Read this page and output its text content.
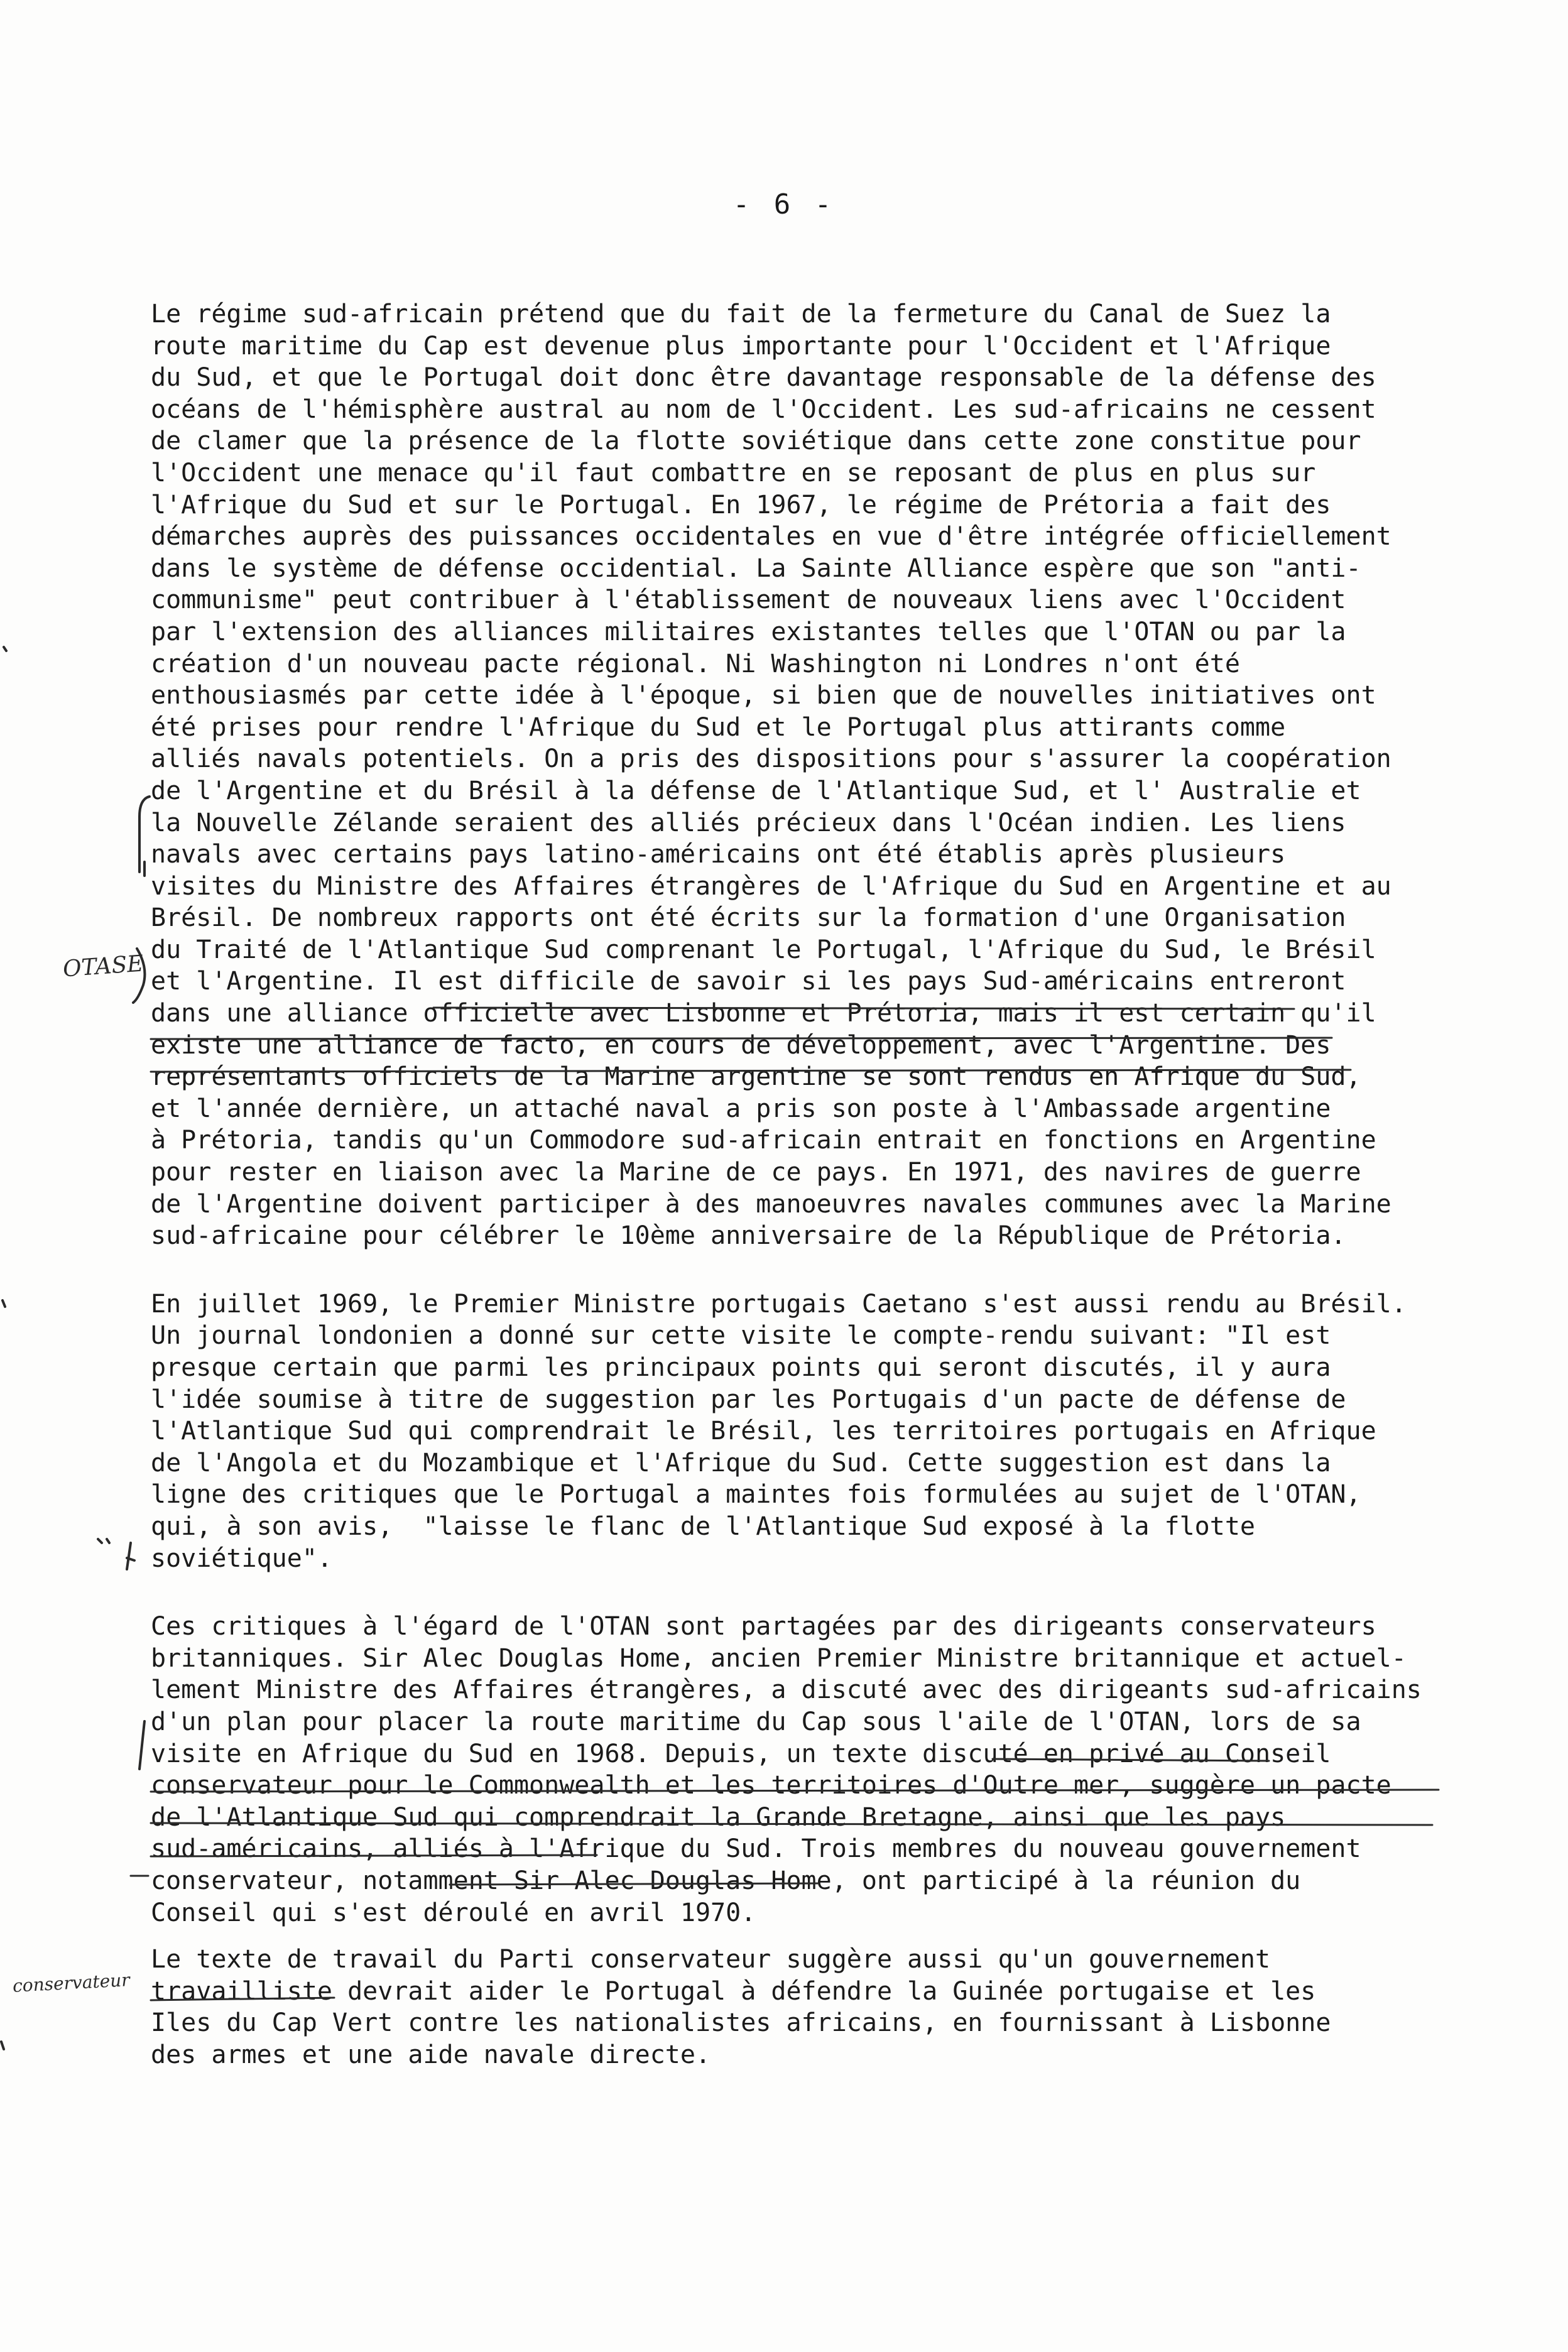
- 6 -
Le régime sud-africain prétend que du fait de la fermeture du Canal de Suez la
route maritime du Cap est devenue plus importante pour l'Occident et l'Afrique
du Sud, et que le Portugal doit donc être davantage responsable de la défense des
océans de l'hémisphère austral au nom de l'Occident. Les sud-africains ne cessent
de clamer que la présence de la flotte soviétique dans cette zone constitue pour
l'Occident une menace qu'il faut combattre en se reposant de plus en plus sur
l'Afrique du Sud et sur le Portugal. En 1967, le régime de Prétoria a fait des
démarches auprès des puissances occidentales en vue d'être intégrée officiellement
dans le système de défense occidential. La Sainte Alliance espère que son "anti-
communisme" peut contribuer à l'établissement de nouveaux liens avec l'Occident
par l'extension des alliances militaires existantes telles que l'OTAN ou par la
création d'un nouveau pacte régional. Ni Washington ni Londres n'ont été
enthousiasmés par cette idée à l'époque, si bien que de nouvelles initiatives ont
été prises pour rendre l'Afrique du Sud et le Portugal plus attirants comme
alliés navals potentiels. On a pris des dispositions pour s'assurer la coopération
de l'Argentine et du Brésil à la défense de l'Atlantique Sud, et l' Australie et
la Nouvelle Zélande seraient des alliés précieux dans l'Océan indien. Les liens
navals avec certains pays latino-américains ont été établis après plusieurs
visites du Ministre des Affaires étrangères de l'Afrique du Sud en Argentine et au
Brésil. De nombreux rapports ont été écrits sur la formation d'une Organisation
du Traité de l'Atlantique Sud comprenant le Portugal, l'Afrique du Sud, le Brésil
et l'Argentine. Il est difficile de savoir si les pays Sud-américains entreront
dans une alliance officielle avec Lisbonne et Prétoria, mais il est certain qu'il
existe une alliance de facto, en cours de développement, avec l'Argentine. Des
représentants officiels de la Marine argentine se sont rendus en Afrique du Sud,
et l'année dernière, un attaché naval a pris son poste à l'Ambassade argentine
à Prétoria, tandis qu'un Commodore sud-africain entrait en fonctions en Argentine
pour rester en liaison avec la Marine de ce pays. En 1971, des navires de guerre
de l'Argentine doivent participer à des manoeuvres navales communes avec la Marine
sud-africaine pour célébrer le 10ème anniversaire de la République de Prétoria.
En juillet 1969, le Premier Ministre portugais Caetano s'est aussi rendu au Brésil.
Un journal londonien a donné sur cette visite le compte-rendu suivant: "Il est
presque certain que parmi les principaux points qui seront discutés, il y aura
l'idée soumise à titre de suggestion par les Portugais d'un pacte de défense de
l'Atlantique Sud qui comprendrait le Brésil, les territoires portugais en Afrique
de l'Angola et du Mozambique et l'Afrique du Sud. Cette suggestion est dans la
ligne des critiques que le Portugal a maintes fois formulées au sujet de l'OTAN,
qui, à son avis,  "laisse le flanc de l'Atlantique Sud exposé à la flotte
soviétique".
Ces critiques à l'égard de l'OTAN sont partagées par des dirigeants conservateurs
britanniques. Sir Alec Douglas Home, ancien Premier Ministre britannique et actuel-
lement Ministre des Affaires étrangères, a discuté avec des dirigeants sud-africains
d'un plan pour placer la route maritime du Cap sous l'aile de l'OTAN, lors de sa
visite en Afrique du Sud en 1968. Depuis, un texte discuté en privé au Conseil
conservateur pour le Commonwealth et les territoires d'Outre mer, suggère un pacte
de l'Atlantique Sud qui comprendrait la Grande Bretagne, ainsi que les pays
sud-américains, alliés à l'Afrique du Sud. Trois membres du nouveau gouvernement
conservateur, notamment Sir Alec Douglas Home, ont participé à la réunion du
Conseil qui s'est déroulé en avril 1970.
Le texte de travail du Parti conservateur suggère aussi qu'un gouvernement
travailliste devrait aider le Portugal à défendre la Guinée portugaise et les
Iles du Cap Vert contre les nationalistes africains, en fournissant à Lisbonne
des armes et une aide navale directe.
OTASE
conservateur
